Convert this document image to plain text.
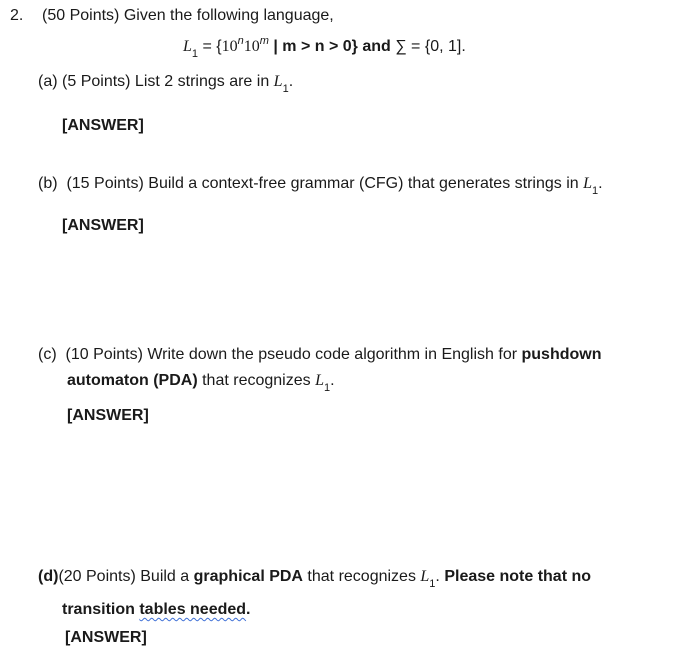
2. (50 Points) Given the following language,
$L_1 = \{10^n10^m$ | m > n > 0} and ∑ = {0, 1].
(a) (5 Points) List 2 strings are in $L_1$.
[ANSWER]
(b) (15 Points) Build a context-free grammar (CFG) that generates strings in $L_1$.
[ANSWER]
(c) (10 Points) Write down the pseudo code algorithm in English for pushdown
automaton (PDA) that recognizes $L_1$.
[ANSWER]
(d)(20 Points) Build a graphical PDA that recognizes $L_1$. Please note that no
transition tables needed.
[ANSWER]
